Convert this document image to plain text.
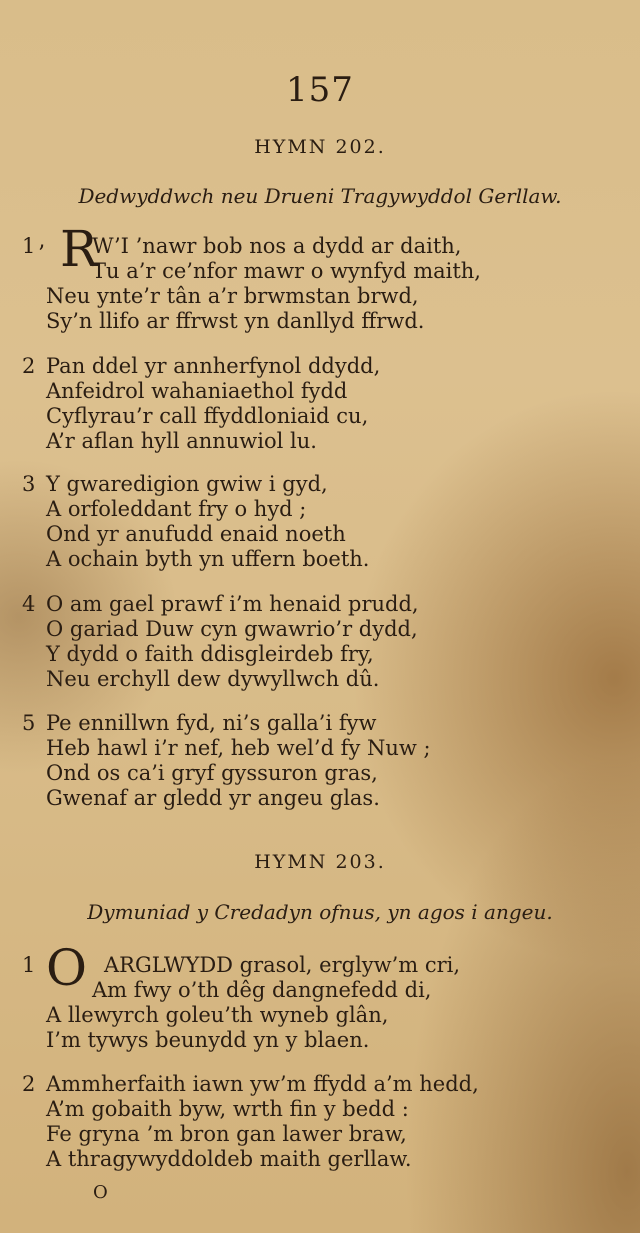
157
HYMN 202.
Dedwyddwch neu Drueni Tragywyddol Gerllaw.
1 ’ R
W’I ’nawr bob nos a dydd ar daith,
Tu a’r ce’nfor mawr o wynfyd maith,
Neu ynte’r tân a’r brwmstan brwd,
Sy’n llifo ar ffrwst yn danllyd ffrwd.
2 Pan ddel yr annherfynol ddydd,
Anfeidrol wahaniaethol fydd
Cyflyrau’r call ffyddloniaid cu,
A’r aflan hyll annuwiol lu.
3 Y gwaredigion gwiw i gyd,
A orfoleddant fry o hyd ;
Ond yr anufudd enaid noeth
A ochain byth yn uffern boeth.
4 O am gael prawf i’m henaid prudd,
O gariad Duw cyn gwawrio’r dydd,
Y dydd o faith ddisgleirdeb fry,
Neu erchyll dew dywyllwch dû.
5 Pe ennillwn fyd, ni’s galla’i fyw
Heb hawl i’r nef, heb wel’d fy Nuw ;
Ond os ca’i gryf gyssuron gras,
Gwenaf ar gledd yr angeu glas.
HYMN 203.
Dymuniad y Credadyn ofnus, yn agos i angeu.
1 O ARGLWYDD grasol, erglyw’m cri,
Am fwy o’th dêg dangnefedd di,
A llewyrch goleu’th wyneb glân,
I’m tywys beunydd yn y blaen.
2 Ammherfaith iawn yw’m ffydd a’m hedd,
A’m gobaith byw, wrth fin y bedd :
Fe gryna ’m bron gan lawer braw,
A thragywyddoldeb maith gerllaw.
O
